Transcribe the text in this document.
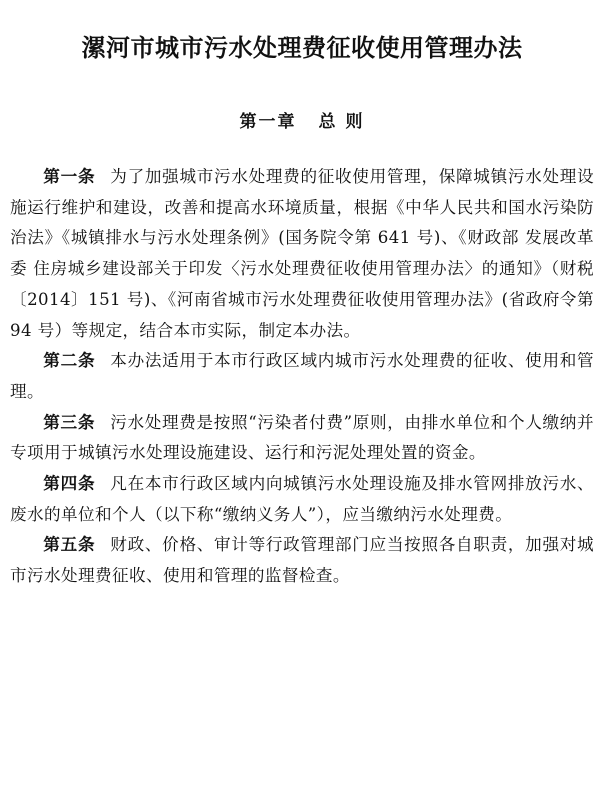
漯河市城市污水处理费征收使用管理办法
第一章 总 则

第一条 为了加强城市污水处理费的征收使用管理，保障城镇污水处理设施运行维护和建设，改善和提高水环境质量，根据《中华人民共和国水污染防治法》《城镇排水与污水处理条例》(国务院令第 641 号)、《财政部 发展改革委 住房城乡建设部关于印发〈污水处理费征收使用管理办法〉的通知》（财税〔2014〕151 号)、《河南省城市污水处理费征收使用管理办法》(省政府令第 94 号）等规定，结合本市实际，制定本办法。

第二条 本办法适用于本市行政区域内城市污水处理费的征收、使用和管理。

第三条 污水处理费是按照“污染者付费”原则，由排水单位和个人缴纳并专项用于城镇污水处理设施建设、运行和污泥处理处置的资金。

第四条 凡在本市行政区域内向城镇污水处理设施及排水管网排放污水、废水的单位和个人（以下称“缴纳义务人”），应当缴纳污水处理费。

第五条 财政、价格、审计等行政管理部门应当按照各自职责，加强对城市污水处理费征收、使用和管理的监督检查。
